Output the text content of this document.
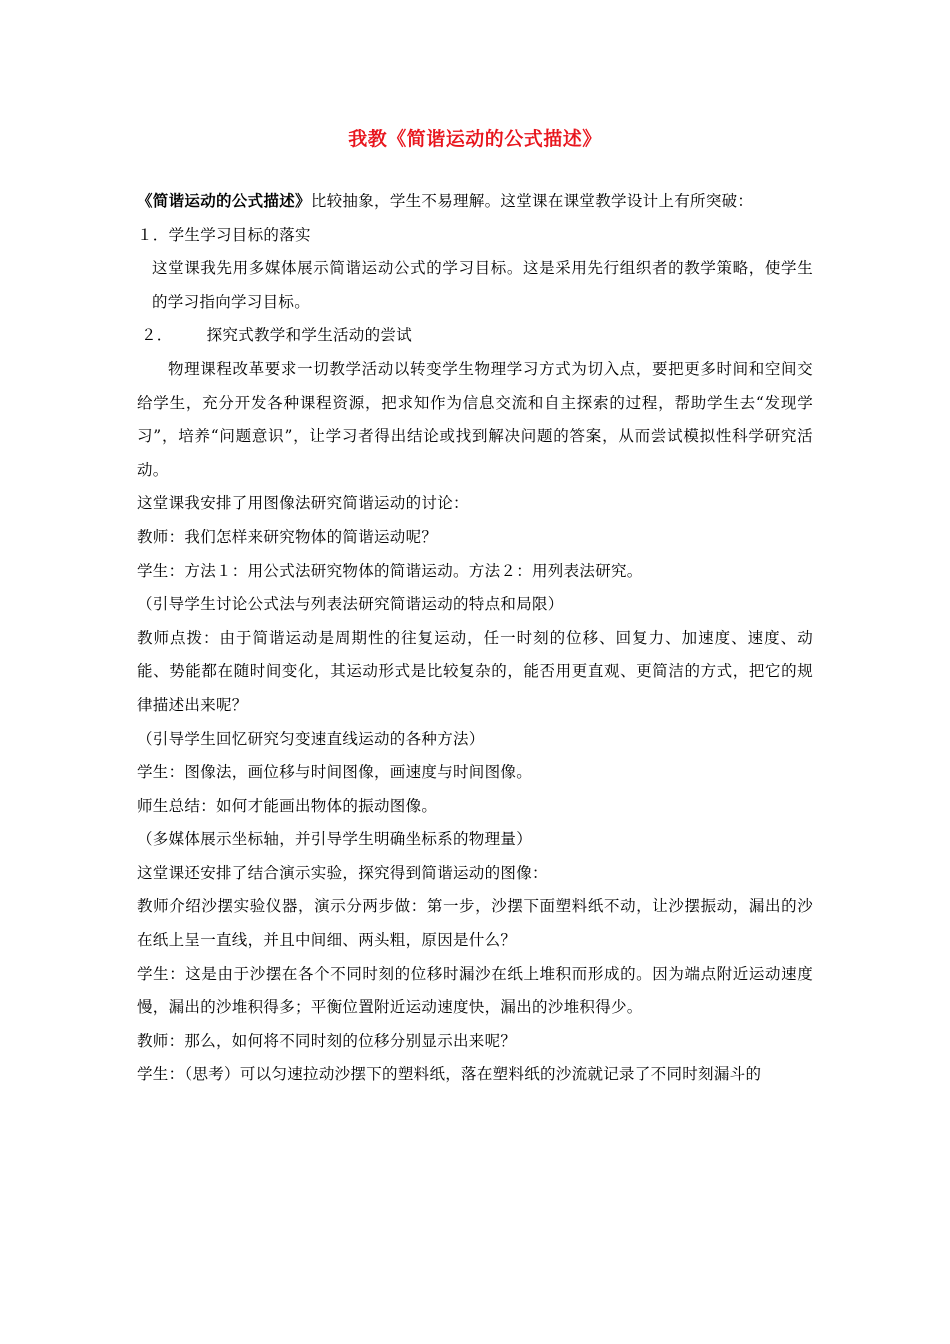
我教《简谐运动的公式描述》

《简谐运动的公式描述》比较抽象，学生不易理解。这堂课在课堂教学设计上有所突破：

１．学生学习目标的落实

这堂课我先用多媒体展示简谐运动公式的学习目标。这是采用先行组织者的教学策略，使学生的学习指向学习目标。

２． 探究式教学和学生活动的尝试

物理课程改革要求一切教学活动以转变学生物理学习方式为切入点，要把更多时间和空间交给学生，充分开发各种课程资源，把求知作为信息交流和自主探索的过程，帮助学生去“发现学习”，培养“问题意识”，让学习者得出结论或找到解决问题的答案，从而尝试模拟性科学研究活动。

这堂课我安排了用图像法研究简谐运动的讨论：

教师：我们怎样来研究物体的简谐运动呢？

学生：方法１：用公式法研究物体的简谐运动。方法２：用列表法研究。

（引导学生讨论公式法与列表法研究简谐运动的特点和局限）

教师点拨：由于简谐运动是周期性的往复运动，任一时刻的位移、回复力、加速度、速度、动能、势能都在随时间变化，其运动形式是比较复杂的，能否用更直观、更简洁的方式，把它的规律描述出来呢？

（引导学生回忆研究匀变速直线运动的各种方法）

学生：图像法，画位移与时间图像，画速度与时间图像。

师生总结：如何才能画出物体的振动图像。

（多媒体展示坐标轴，并引导学生明确坐标系的物理量）

这堂课还安排了结合演示实验，探究得到简谐运动的图像：

教师介绍沙摆实验仪器，演示分两步做：第一步，沙摆下面塑料纸不动，让沙摆振动，漏出的沙在纸上呈一直线，并且中间细、两头粗，原因是什么？

学生：这是由于沙摆在各个不同时刻的位移时漏沙在纸上堆积而形成的。因为端点附近运动速度慢，漏出的沙堆积得多；平衡位置附近运动速度快，漏出的沙堆积得少。

教师：那么，如何将不同时刻的位移分别显示出来呢？

学生：（思考）可以匀速拉动沙摆下的塑料纸，落在塑料纸的沙流就记录了不同时刻漏斗的
